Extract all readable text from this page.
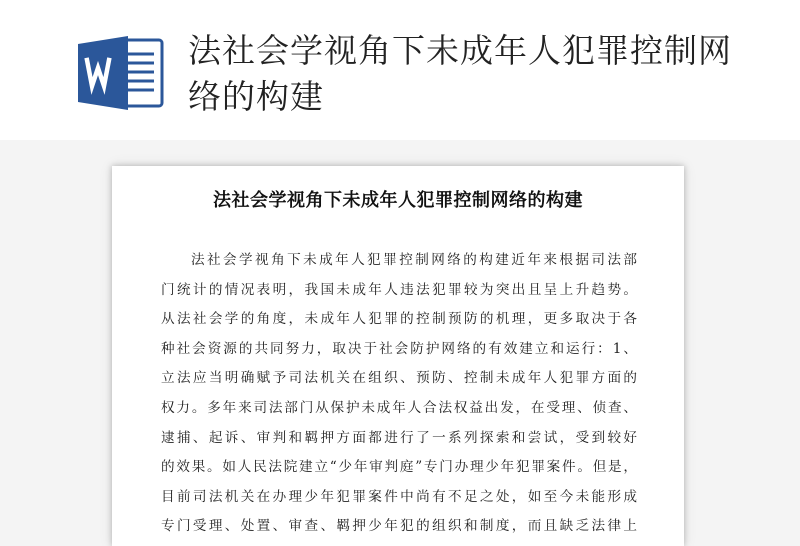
法社会学视角下未成年人犯罪控制网络的构建
法社会学视角下未成年人犯罪控制网络的构建
法社会学视角下未成年人犯罪控制网络的构建近年来根据司法部
门统计的情况表明，我国未成年人违法犯罪较为突出且呈上升趋势。
从法社会学的角度，未成年人犯罪的控制预防的机理，更多取决于各
种社会资源的共同努力，取决于社会防护网络的有效建立和运行：1、
立法应当明确赋予司法机关在组织、预防、控制未成年人犯罪方面的
权力。多年来司法部门从保护未成年人合法权益出发，在受理、侦查、
逮捕、起诉、审判和羁押方面都进行了一系列探索和尝试，受到较好
的效果。如人民法院建立“少年审判庭”专门办理少年犯罪案件。但是，
目前司法机关在办理少年犯罪案件中尚有不足之处，如至今未能形成
专门受理、处置、审查、羁押少年犯的组织和制度，而且缺乏法律上
